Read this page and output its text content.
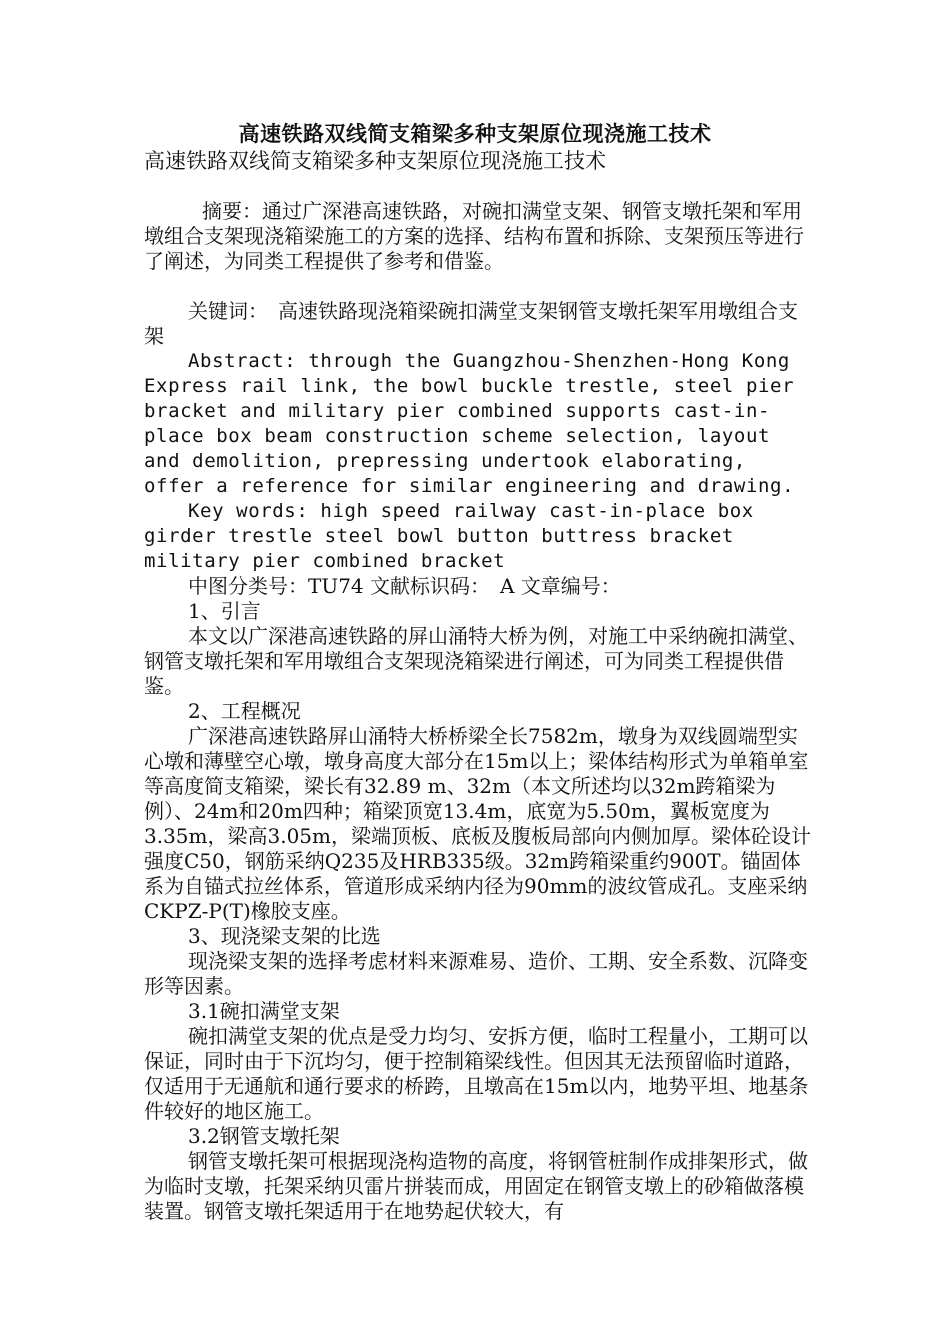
高速铁路双线简支箱梁多种支架原位现浇施工技术

高速铁路双线简支箱梁多种支架原位现浇施工技术

摘要：通过广深港高速铁路，对碗扣满堂支架、钢管支墩托架和军用墩组合支架现浇箱梁施工的方案的选择、结构布置和拆除、支架预压等进行了阐述，为同类工程提供了参考和借鉴。

关键词：　高速铁路现浇箱梁碗扣满堂支架钢管支墩托架军用墩组合支架

Abstract: through the Guangzhou-Shenzhen-Hong Kong Express rail link, the bowl buckle trestle, steel pier bracket and military pier combined supports cast-in-place box beam construction scheme selection, layout and demolition, prepressing undertook elaborating, offer a reference for similar engineering and drawing.

Key words: high speed railway cast-in-place box girder trestle steel bowl button buttress bracket military pier combined bracket

中图分类号：TU74 文献标识码：　A 文章编号：

1、引言

本文以广深港高速铁路的屏山涌特大桥为例，对施工中采纳碗扣满堂、钢管支墩托架和军用墩组合支架现浇箱梁进行阐述，可为同类工程提供借鉴。

2、工程概况

广深港高速铁路屏山涌特大桥桥梁全长7582m，墩身为双线圆端型实心墩和薄壁空心墩，墩身高度大部分在15m以上；梁体结构形式为单箱单室等高度简支箱梁，梁长有32.89 m、32m（本文所述均以32m跨箱梁为例）、24m和20m四种；箱梁顶宽13.4m，底宽为5.50m，翼板宽度为3.35m，梁高3.05m，梁端顶板、底板及腹板局部向内侧加厚。梁体砼设计强度C50，钢筋采纳Q235及HRB335级。32m跨箱梁重约900T。锚固体系为自锚式拉丝体系，管道形成采纳内径为90mm的波纹管成孔。支座采纳CKPZ-P(T)橡胶支座。

3、现浇梁支架的比选

现浇梁支架的选择考虑材料来源难易、造价、工期、安全系数、沉降变形等因素。

3.1碗扣满堂支架

碗扣满堂支架的优点是受力均匀、安拆方便，临时工程量小，工期可以保证，同时由于下沉均匀，便于控制箱梁线性。但因其无法预留临时道路，仅适用于无通航和通行要求的桥跨，且墩高在15m以内，地势平坦、地基条件较好的地区施工。

3.2钢管支墩托架

钢管支墩托架可根据现浇构造物的高度，将钢管桩制作成排架形式，做为临时支墩，托架采纳贝雷片拼装而成，用固定在钢管支墩上的砂箱做落模装置。钢管支墩托架适用于在地势起伏较大，有
